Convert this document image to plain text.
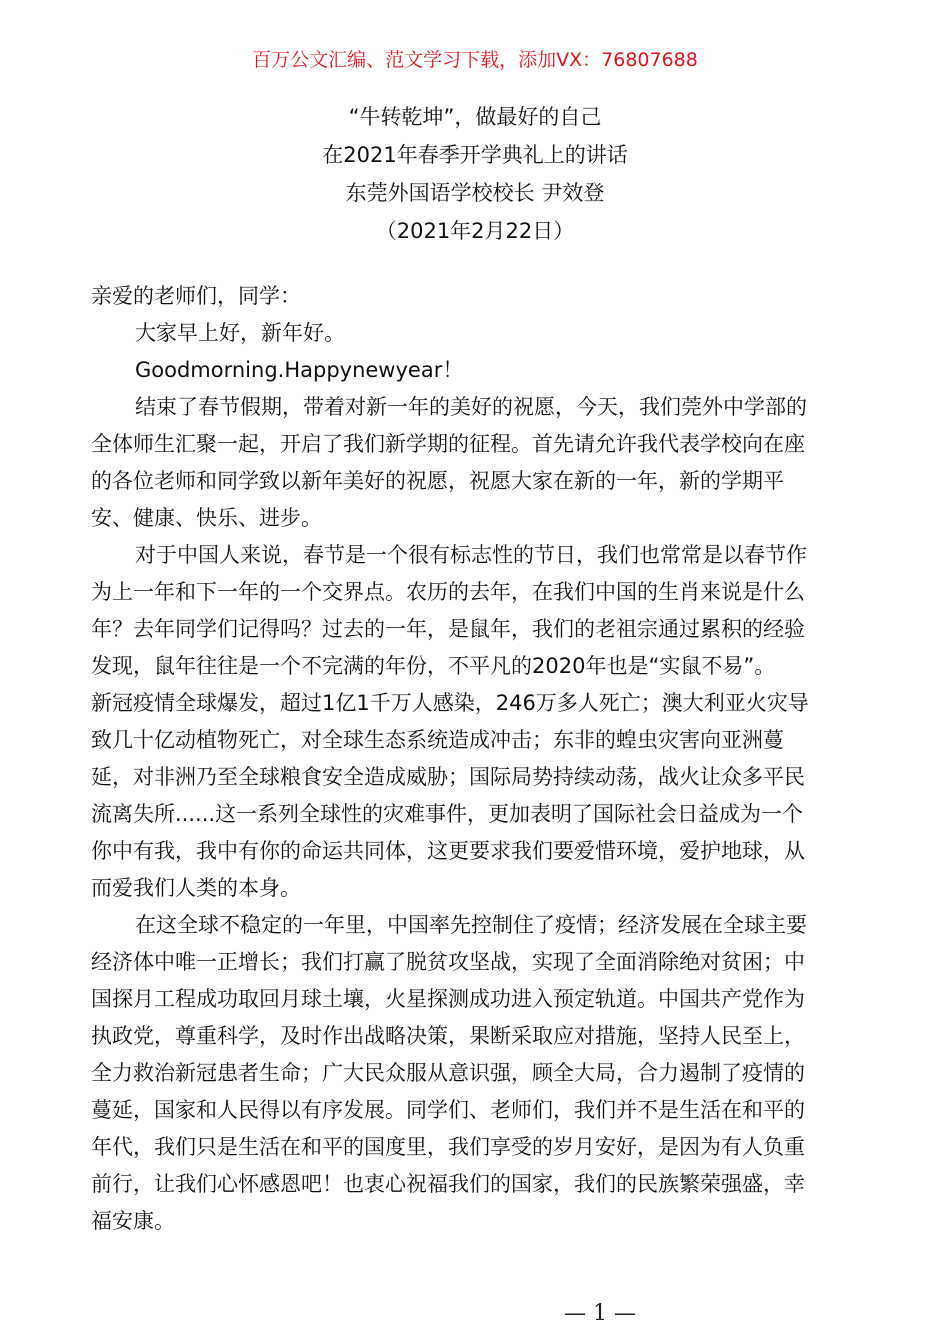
百万公文汇编、范文学习下载，添加VX：76807688
“牛转乾坤”，做最好的自己
在2021年春季开学典礼上的讲话
东莞外国语学校校长 尹效登
（2021年2月22日）
亲爱的老师们，同学：
大家早上好，新年好。
Goodmorning.Happynewyear！
结束了春节假期，带着对新一年的美好的祝愿，今天，我们莞外中学部的
全体师生汇聚一起，开启了我们新学期的征程。首先请允许我代表学校向在座
的各位老师和同学致以新年美好的祝愿，祝愿大家在新的一年，新的学期平
安、健康、快乐、进步。
对于中国人来说，春节是一个很有标志性的节日，我们也常常是以春节作
为上一年和下一年的一个交界点。农历的去年，在我们中国的生肖来说是什么
年？去年同学们记得吗？过去的一年，是鼠年，我们的老祖宗通过累积的经验
发现，鼠年往往是一个不完满的年份，不平凡的2020年也是“实鼠不易”。
新冠疫情全球爆发，超过1亿1千万人感染，246万多人死亡；澳大利亚火灾导
致几十亿动植物死亡，对全球生态系统造成冲击；东非的蝗虫灾害向亚洲蔓
延，对非洲乃至全球粮食安全造成威胁；国际局势持续动荡，战火让众多平民
流离失所......这一系列全球性的灾难事件，更加表明了国际社会日益成为一个
你中有我，我中有你的命运共同体，这更要求我们要爱惜环境，爱护地球，从
而爱我们人类的本身。
在这全球不稳定的一年里，中国率先控制住了疫情；经济发展在全球主要
经济体中唯一正增长；我们打赢了脱贫攻坚战，实现了全面消除绝对贫困；中
国探月工程成功取回月球土壤，火星探测成功进入预定轨道。中国共产党作为
执政党，尊重科学，及时作出战略决策，果断采取应对措施，坚持人民至上，
全力救治新冠患者生命；广大民众服从意识强，顾全大局，合力遏制了疫情的
蔓延，国家和人民得以有序发展。同学们、老师们，我们并不是生活在和平的
年代，我们只是生活在和平的国度里，我们享受的岁月安好，是因为有人负重
前行，让我们心怀感恩吧！也衷心祝福我们的国家，我们的民族繁荣强盛，幸
福安康。
— 1 —
